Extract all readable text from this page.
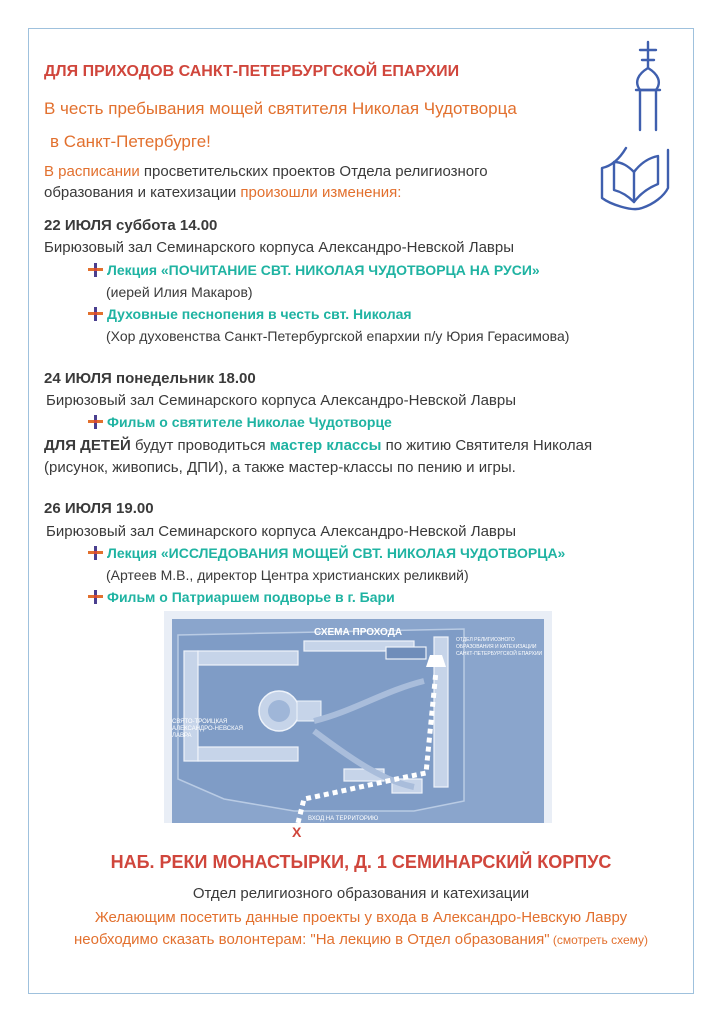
ДЛЯ ПРИХОДОВ САНКТ-ПЕТЕРБУРГСКОЙ ЕПАРХИИ
В честь пребывания мощей святителя Николая Чудотворца
в Санкт-Петербурге!
В расписании просветительских проектов Отдела религиозного
образования и катехизации произошли изменения:
22 ИЮЛЯ суббота 14.00
Бирюзовый зал Семинарского корпуса Александро-Невской Лавры
Лекция «ПОЧИТАНИЕ СВТ. НИКОЛАЯ ЧУДОТВОРЦА НА РУСИ»
(иерей Илия Макаров)
Духовные песнопения в честь свт. Николая
(Хор духовенства Санкт-Петербургской епархии п/у Юрия Герасимова)
24 ИЮЛЯ понедельник 18.00
Бирюзовый зал Семинарского корпуса Александро-Невской Лавры
Фильм о святителе Николае Чудотворце
ДЛЯ ДЕТЕЙ будут проводиться мастер классы по житию Святителя Николая
(рисунок, живопись, ДПИ), а также мастер-классы по пению и игры.
26 ИЮЛЯ 19.00
Бирюзовый зал Семинарского корпуса Александро-Невской Лавры
Лекция «ИССЛЕДОВАНИЯ МОЩЕЙ СВТ. НИКОЛАЯ ЧУДОТВОРЦА»
(Артеев М.В., директор Центра христианских реликвий)
Фильм о Патриаршем подворье в г. Бари
СХЕМА ПРОХОДА
СВЯТО-ТРОИЦКАЯ
АЛЕКСАНДРО-НЕВСКАЯ
ЛАВРА
ОТДЕЛ РЕЛИГИОЗНОГО
ОБРАЗОВАНИЯ И КАТЕХИЗАЦИИ
САНКТ-ПЕТЕРБУРГСКОЙ ЕПАРХИИ
ВХОД НА ТЕРРИТОРИЮ
X
НАБ. РЕКИ МОНАСТЫРКИ, Д. 1 СЕМИНАРСКИЙ КОРПУС
Отдел религиозного образования и катехизации
Желающим посетить данные проекты у входа в Александро-Невскую Лавру
необходимо сказать волонтерам: "На лекцию в Отдел образования" (смотреть схему)
